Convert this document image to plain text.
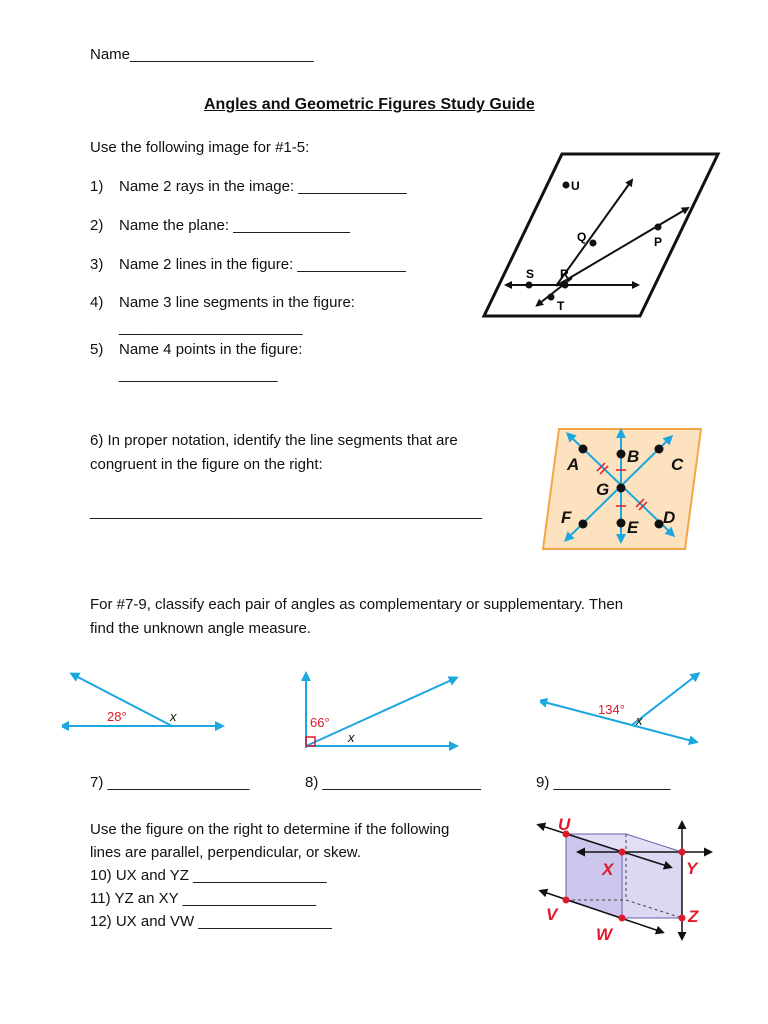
Name______________________
Angles and Geometric Figures Study Guide
Use the following image for #1-5:
1) Name 2 rays in the image: _____________
2) Name the plane: ______________
3) Name 2 lines in the figure: _____________
4) Name 3 line segments in the figure:
______________________
5) Name 4 points in the figure:
___________________
U
Q	P
S R
T
6) In proper notation, identify the line segments that are
congruent in the figure on the right:
_______________________________________________
A	B C
G
F
E
D
For #7-9, classify each pair of angles as complementary or supplementary. Then
find the unknown angle measure.
28°	x	66°
x
134°
x
7) _________________	8) ___________________	9) ______________
Use the figure on the right to determine if the following
lines are parallel, perpendicular, or skew.
10) UX and YZ ________________
11) YZ an XY ________________
12) UX and VW ________________
U
X	Y
V
W
Z
